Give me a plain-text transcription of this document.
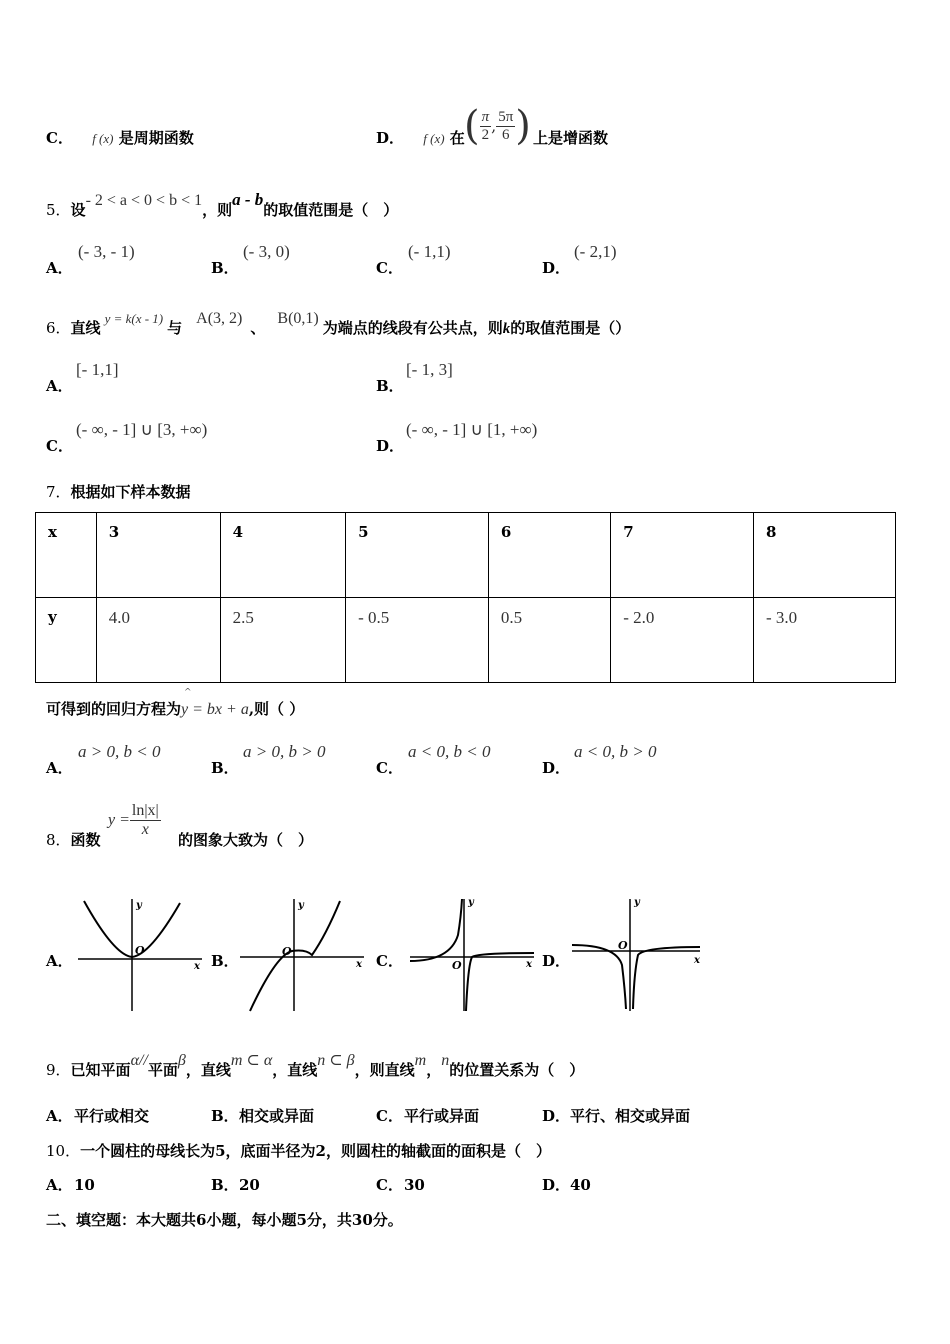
C． f (x) 是周期函数	D． f (x) 在 ( $\frac{\pi}{2}$ , $\frac{5\pi}{6}$ ) 上是增函数
5．设- 2 < a < 0 < b < 1，则a - b的取值范围是（　）
A．
(- 3, - 1)
B．
(- 3, 0)
C．
(- 1,1)
D．
(- 2,1)
6．直线y = k(x - 1)与A(3, 2)、B(0,1)为端点的线段有公共点，则k的取值范围是（）
A．
[- 1,1]
B．
[- 1, 3]
C．
(- ∞, - 1] ∪ [3, +∞)
D．
(- ∞, - 1] ∪ [1, +∞)
7．根据如下样本数据
x	3	4	5	6	7	8
y	4.0	2.5	- 0.5	0.5	- 2.0	- 3.0
可得到的回归方程为
^
y = bx + a,则（ ）
A．
a > 0, b < 0
B．
a > 0, b > 0
C．
a < 0, b < 0
D．
a < 0, b > 0
8．函数
$y = \frac{\ln|x|}{x}$
的图象大致为（　）
A．	B．	C．	D．
y
x
O
y
x
O
y
x
O
y
x
O
9．已知平面α//平面β，直线m ⊂ α，直线n ⊂ β，则直线m，n的位置关系为（　）
A． 平行或相交	B． 相交或异面	C． 平行或异面	D． 平行、相交或异面
10．一个圆柱的母线长为5，底面半径为2，则圆柱的轴截面的面积是（　）
A． 10	B． 20	C． 30	D． 40
二、填空题：本大题共6小题，每小题5分，共30分。
